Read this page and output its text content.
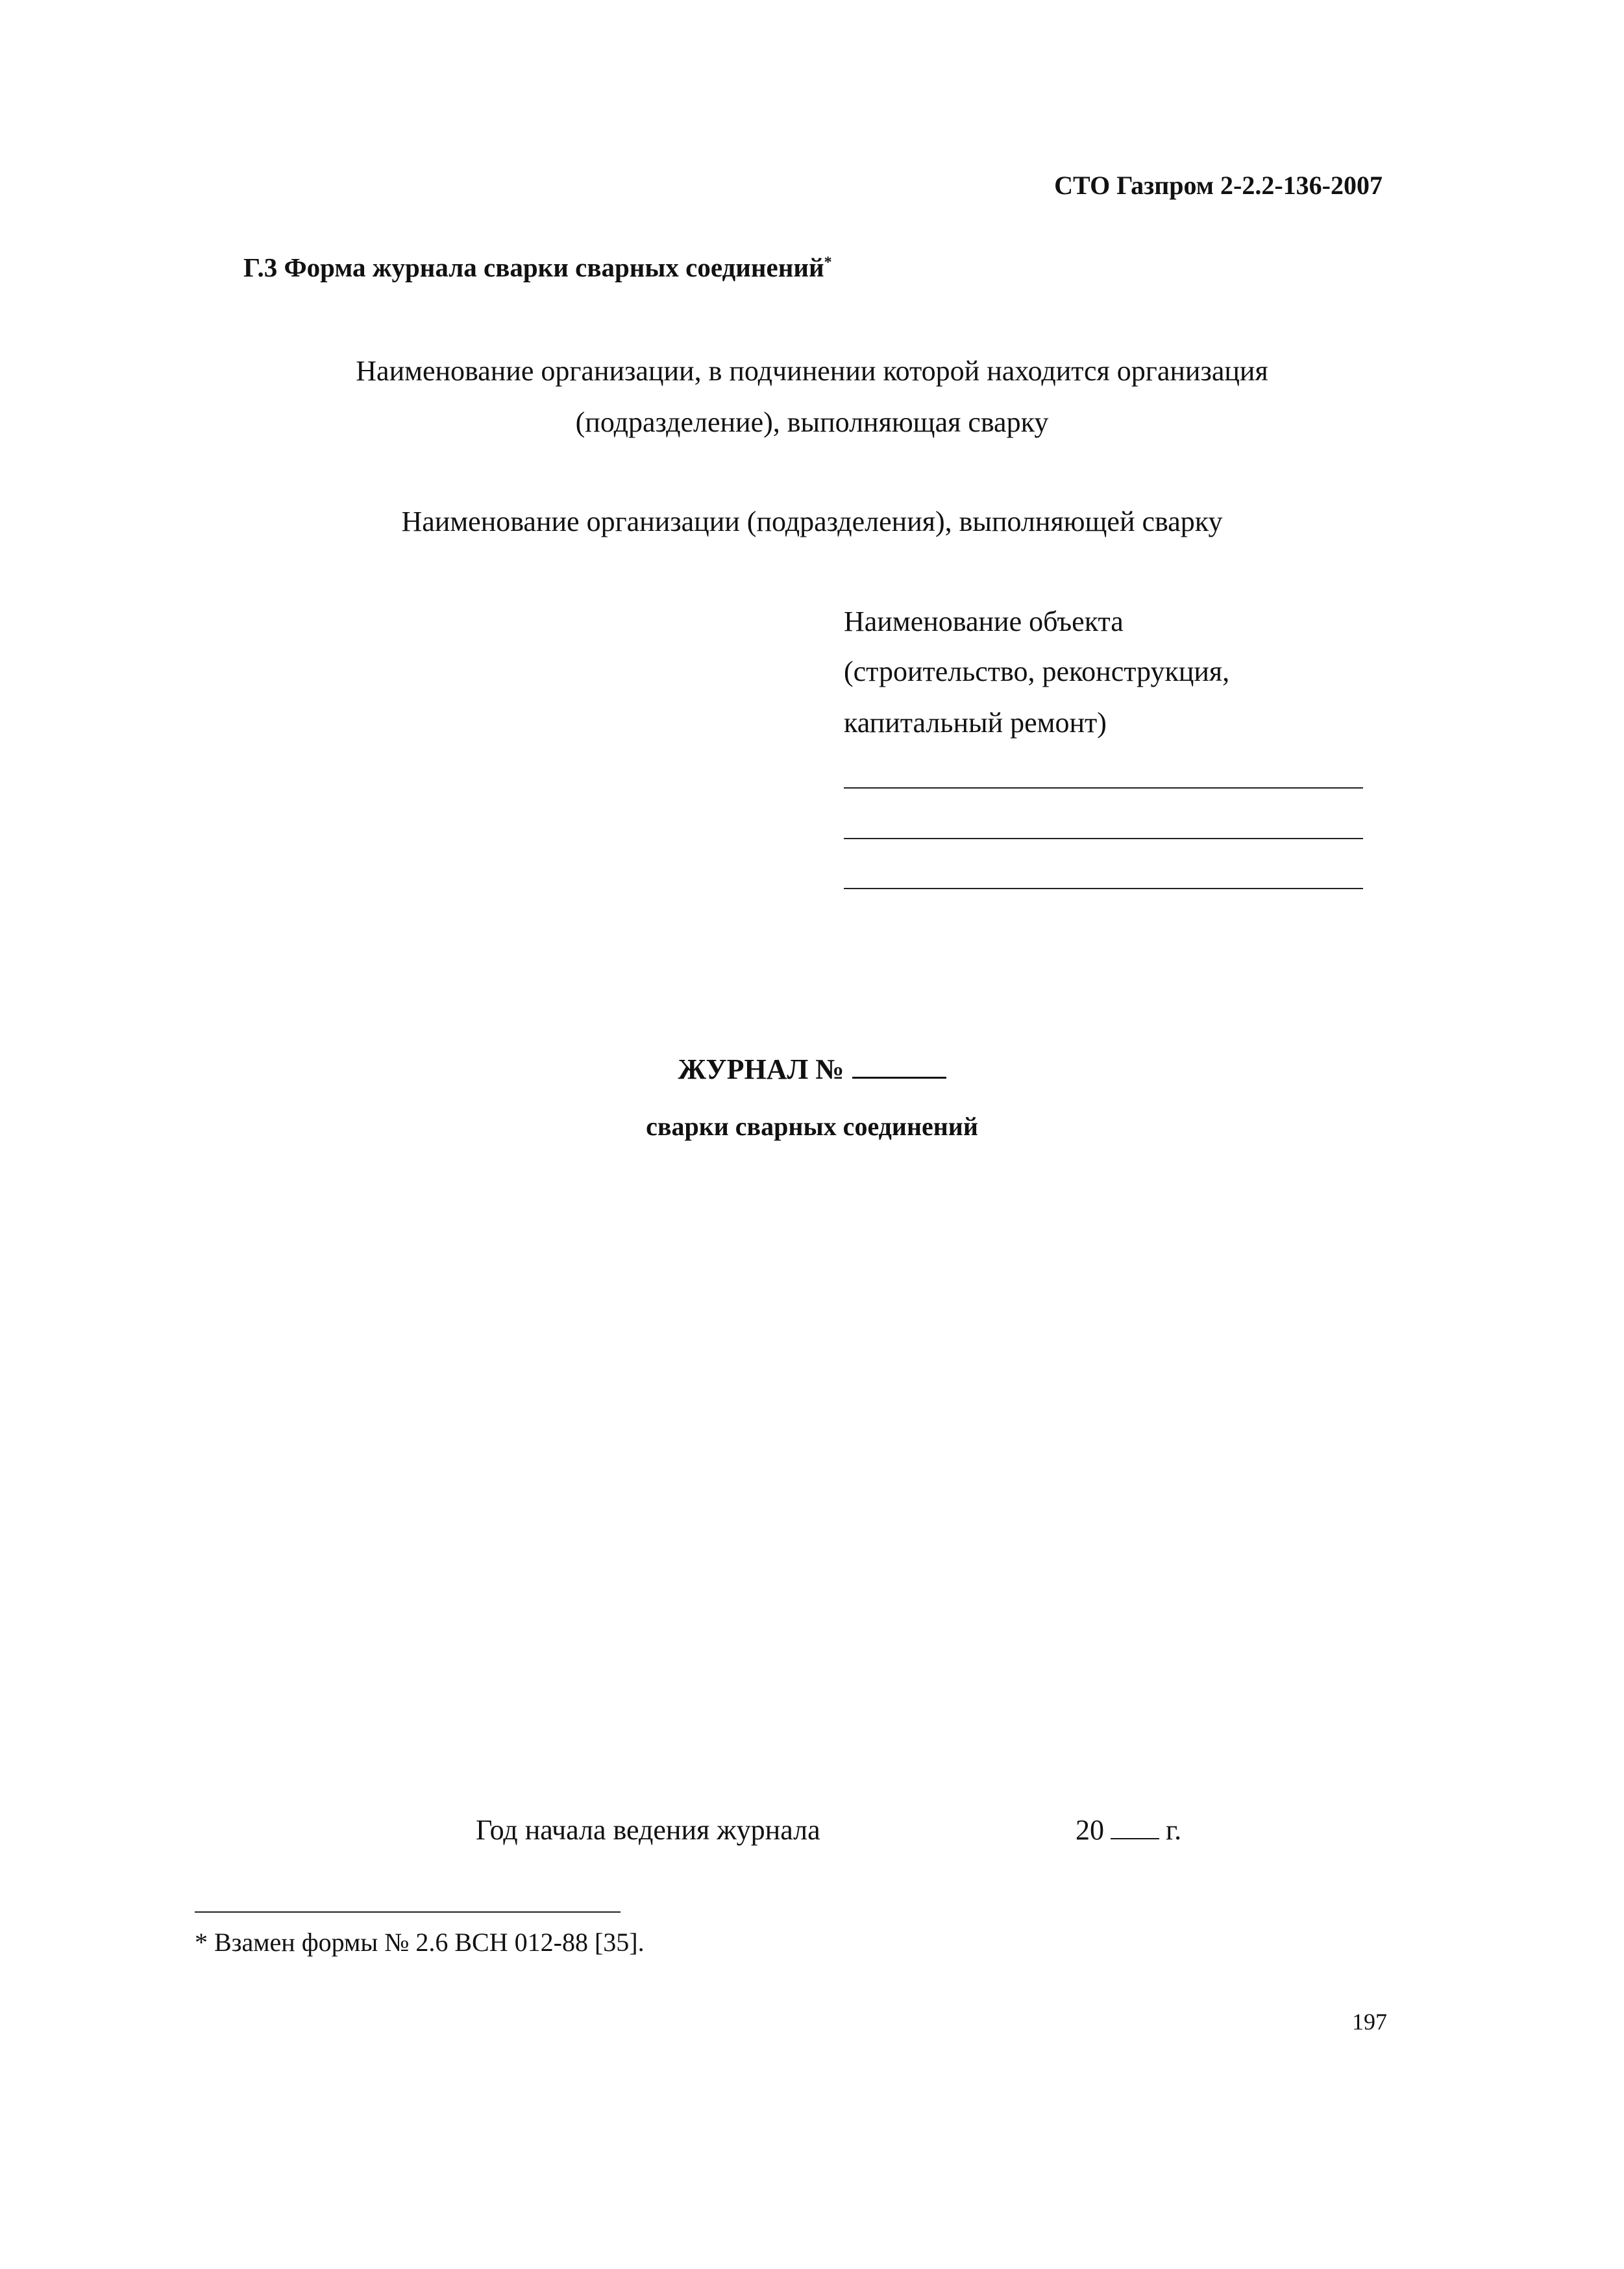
СТО Газпром 2-2.2-136-2007
Г.3 Форма журнала сварки сварных соединений*
Наименование организации, в подчинении которой находится организация
(подразделение), выполняющая сварку
Наименование организации (подразделения), выполняющей сварку
Наименование объекта
(строительство, реконструкция,
капитальный ремонт)
ЖУРНАЛ №
сварки сварных соединений
Год начала ведения журнала	20 г.
* Взамен формы № 2.6 ВСН 012-88 [35].
197
